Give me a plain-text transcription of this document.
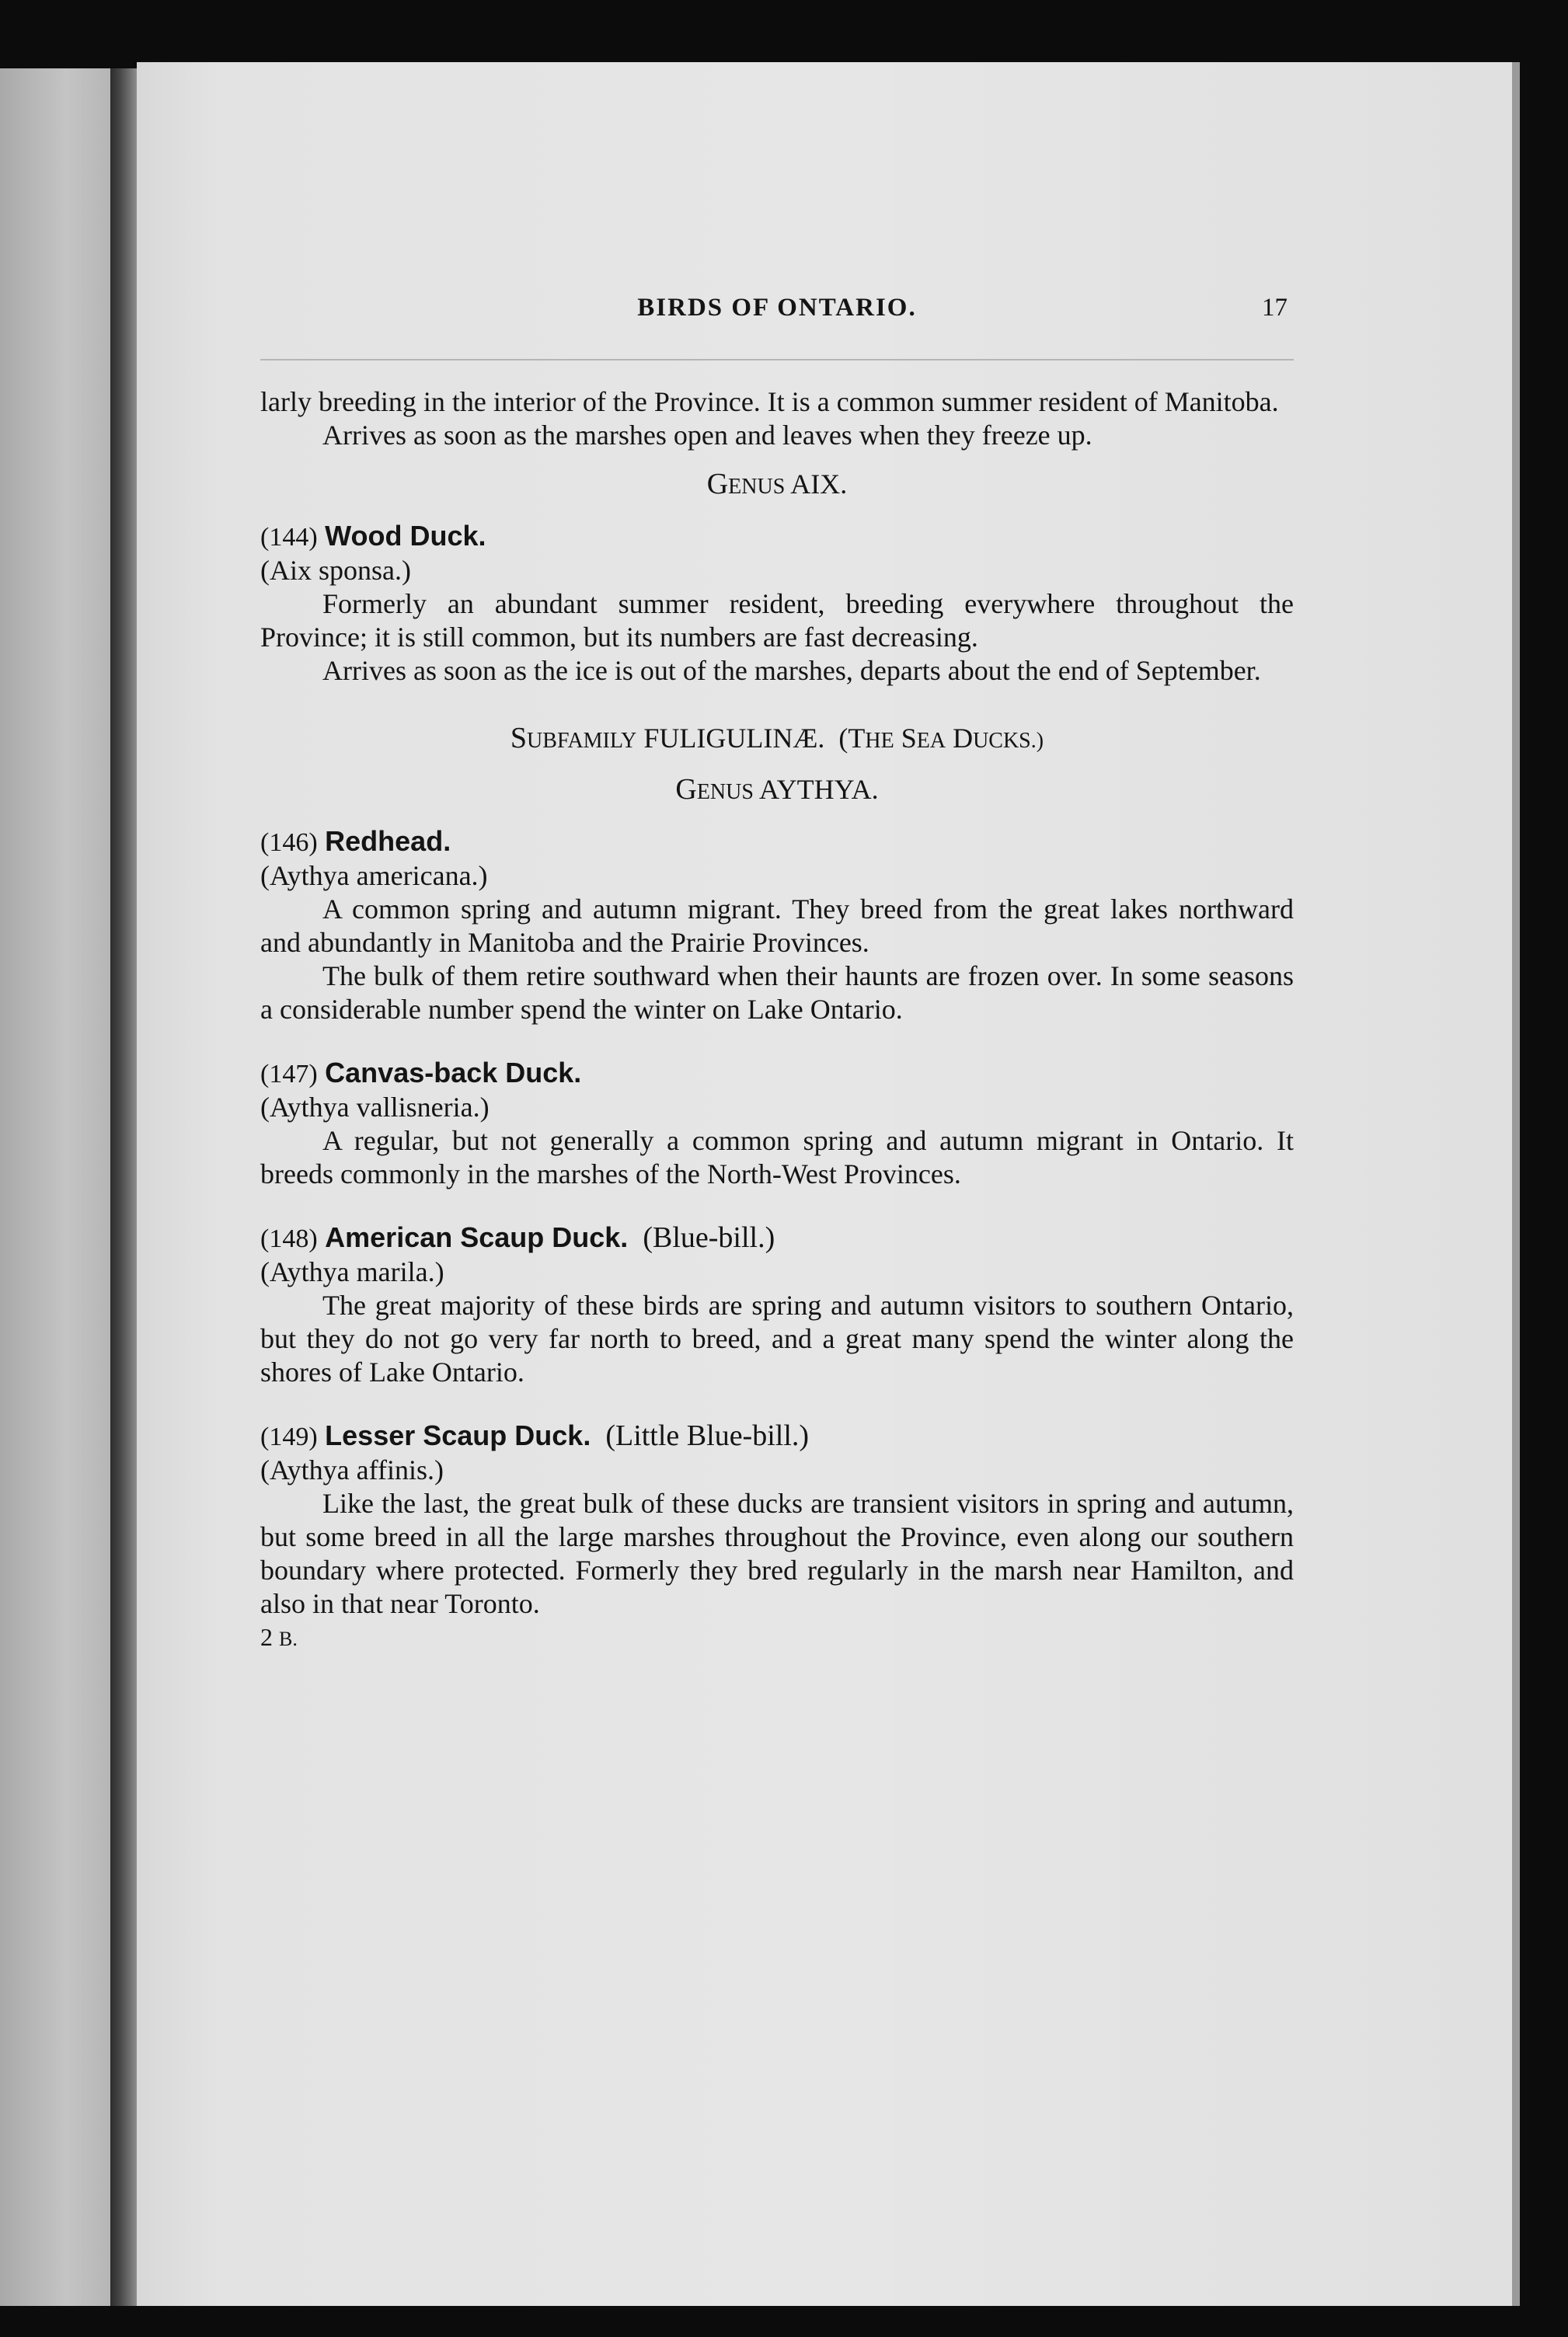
BIRDS OF ONTARIO.	17

larly breeding in the interior of the Province. It is a common summer resident of Manitoba.

Arrives as soon as the marshes open and leaves when they freeze up.

GENUS AIX.

(144) Wood Duck.

(Aix sponsa.)

Formerly an abundant summer resident, breeding everywhere throughout the Province; it is still common, but its numbers are fast decreasing.

Arrives as soon as the ice is out of the marshes, departs about the end of September.

SUBFAMILY FULIGULINÆ. (THE SEA DUCKS.)

GENUS AYTHYA.

(146) Redhead.

(Aythya americana.)

A common spring and autumn migrant. They breed from the great lakes northward and abundantly in Manitoba and the Prairie Provinces.

The bulk of them retire southward when their haunts are frozen over. In some seasons a considerable number spend the winter on Lake Ontario.

(147) Canvas-back Duck.

(Aythya vallisneria.)

A regular, but not generally a common spring and autumn migrant in Ontario. It breeds commonly in the marshes of the North-West Provinces.

(148) American Scaup Duck. (Blue-bill.)

(Aythya marila.)

The great majority of these birds are spring and autumn visitors to southern Ontario, but they do not go very far north to breed, and a great many spend the winter along the shores of Lake Ontario.

(149) Lesser Scaup Duck. (Little Blue-bill.)

(Aythya affinis.)

Like the last, the great bulk of these ducks are transient visitors in spring and autumn, but some breed in all the large marshes throughout the Province, even along our southern boundary where protected. Formerly they bred regularly in the marsh near Hamilton, and also in that near Toronto.

2 B.
